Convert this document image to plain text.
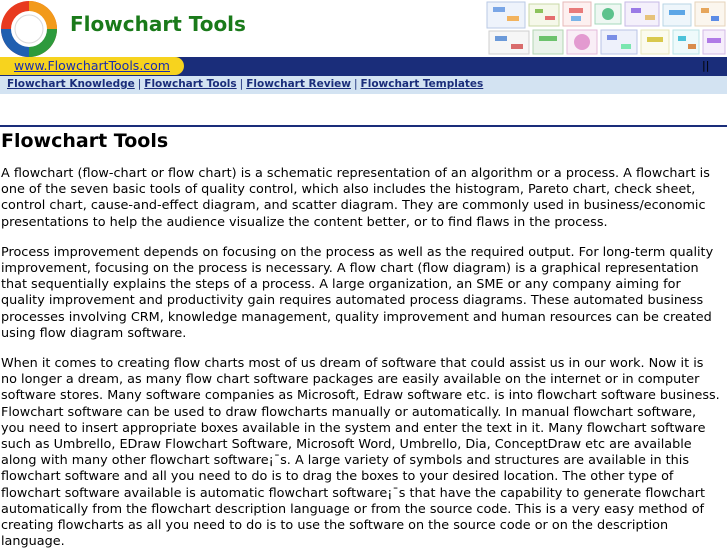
Flowchart Tools
www.FlowchartTools.com	||
Flowchart Knowledge | Flowchart Tools | Flowchart Review | Flowchart Templates
Flowchart Tools

A flowchart (flow-chart or flow chart) is a schematic representation of an algorithm or a process. A flowchart is one of the seven basic tools of quality control, which also includes the histogram, Pareto chart, check sheet, control chart, cause-and-effect diagram, and scatter diagram. They are commonly used in business/economic presentations to help the audience visualize the content better, or to find flaws in the process.

Process improvement depends on focusing on the process as well as the required output. For long-term quality improvement, focusing on the process is necessary. A flow chart (flow diagram) is a graphical representation that sequentially explains the steps of a process. A large organization, an SME or any company aiming for quality improvement and productivity gain requires automated process diagrams. These automated business processes involving CRM, knowledge management, quality improvement and human resources can be created using flow diagram software.

When it comes to creating flow charts most of us dream of software that could assist us in our work. Now it is no longer a dream, as many flow chart software packages are easily available on the internet or in computer software stores. Many software companies as Microsoft, Edraw software etc. is into flowchart software business. Flowchart software can be used to draw flowcharts manually or automatically. In manual flowchart software, you need to insert appropriate boxes available in the system and enter the text in it. Many flowchart software such as Umbrello, EDraw Flowchart Software, Microsoft Word, Umbrello, Dia, ConceptDraw etc are available along with many other flowchart software¡¯s. A large variety of symbols and structures are available in this flowchart software and all you need to do is to drag the boxes to your desired location. The other type of flowchart software available is automatic flowchart software¡¯s that have the capability to generate flowchart automatically from the flowchart description language or from the source code. This is a very easy method of creating flowcharts as all you need to do is to use the software on the source code or on the description language.
